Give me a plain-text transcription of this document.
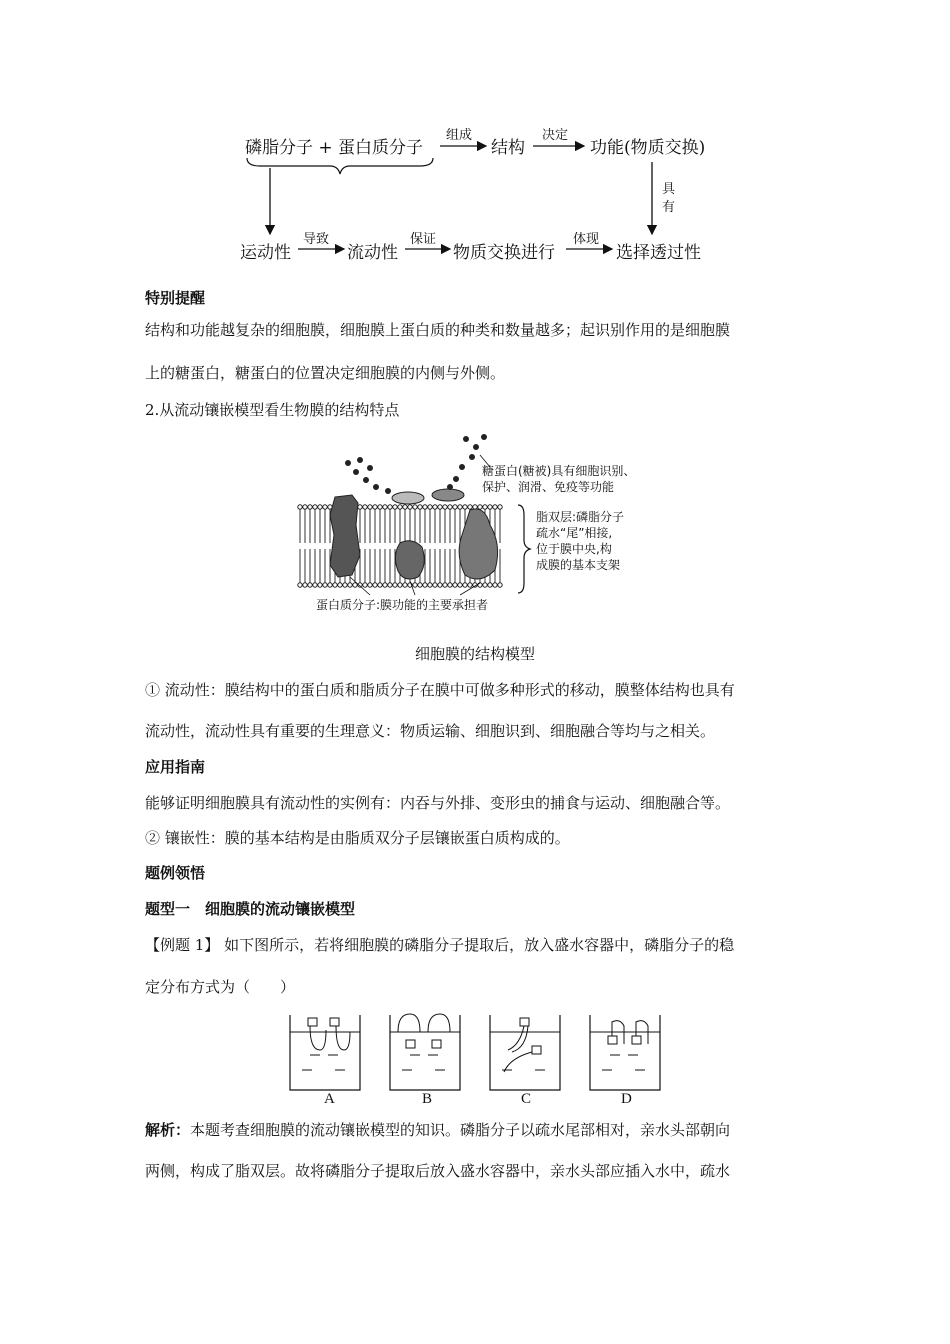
磷脂分子 + 蛋白质分子
组成
结构
决定
功能(物质交换)
具
有
运动性
导致
流动性
保证
物质交换进行
体现
选择透过性
特别提醒
结构和功能越复杂的细胞膜，细胞膜上蛋白质的种类和数量越多；起识别作用的是细胞膜
上的糖蛋白，糖蛋白的位置决定细胞膜的内侧与外侧。
2.从流动镶嵌模型看生物膜的结构特点
糖蛋白(糖被)具有细胞识别、
保护、润滑、免疫等功能
脂双层:磷脂分子
疏水“尾”相接,
位于膜中央,构
成膜的基本支架
蛋白质分子:膜功能的主要承担者
细胞膜的结构模型
① 流动性：膜结构中的蛋白质和脂质分子在膜中可做多种形式的移动，膜整体结构也具有
流动性，流动性具有重要的生理意义：物质运输、细胞识到、细胞融合等均与之相关。
应用指南
能够证明细胞膜具有流动性的实例有：内吞与外排、变形虫的捕食与运动、细胞融合等。
② 镶嵌性：膜的基本结构是由脂质双分子层镶嵌蛋白质构成的。
题例领悟
题型一　细胞膜的流动镶嵌模型
【例题 1】 如下图所示，若将细胞膜的磷脂分子提取后，放入盛水容器中，磷脂分子的稳
定分布方式为（　　）
A	B	C	D
解析：本题考查细胞膜的流动镶嵌模型的知识。磷脂分子以疏水尾部相对，亲水头部朝向
两侧，构成了脂双层。故将磷脂分子提取后放入盛水容器中，亲水头部应插入水中，疏水
